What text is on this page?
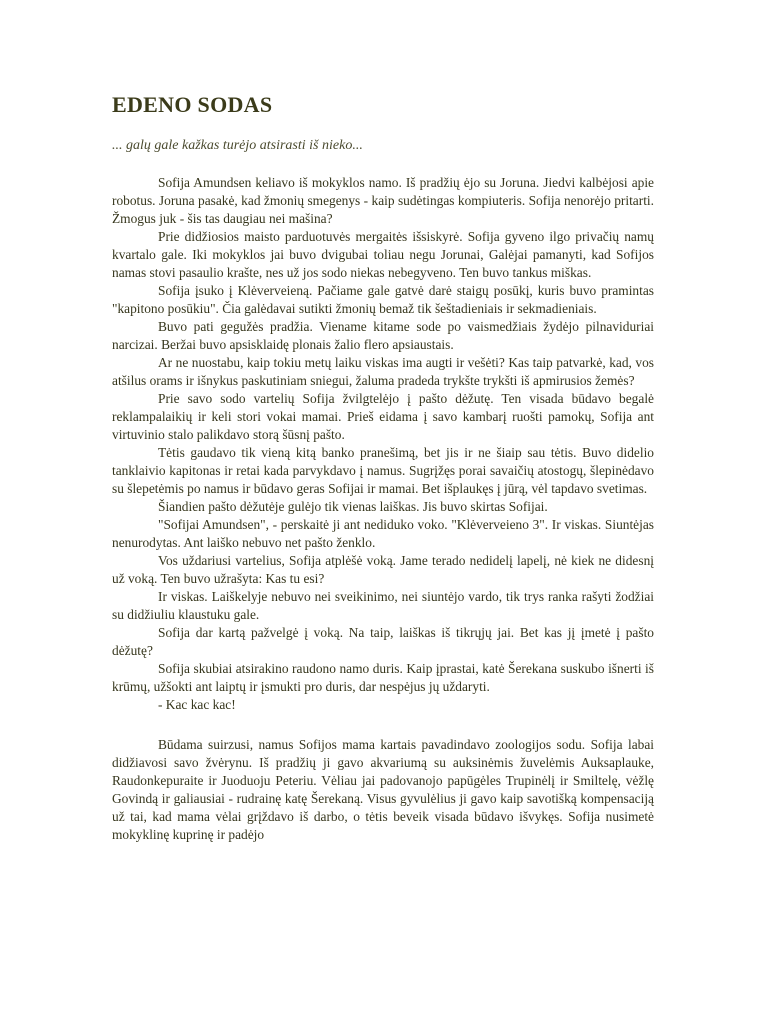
EDENO SODAS

... galų gale kažkas turėjo atsirasti iš nieko...

Sofija Amundsen keliavo iš mokyklos namo. Iš pradžių ėjo su Joruna. Jiedvi kalbėjosi apie robotus. Joruna pasakė, kad žmonių smegenys - kaip sudėtingas kompiuteris. Sofija nenorėjo pritarti. Žmogus juk - šis tas daugiau nei mašina?

Prie didžiosios maisto parduotuvės mergaitės išsiskyrė. Sofija gyveno ilgo privačių namų kvartalo gale. Iki mokyklos jai buvo dvigubai toliau negu Jorunai, Galėjai pamanyti, kad Sofijos namas stovi pasaulio krašte, nes už jos sodo niekas nebegyveno. Ten buvo tankus miškas.

Sofija įsuko į Klėverveieną. Pačiame gale gatvė darė staigų posūkį, kuris buvo pramintas "kapitono posūkiu". Čia galėdavai sutikti žmonių bemaž tik šeštadieniais ir sekmadieniais.

Buvo pati gegužės pradžia. Viename kitame sode po vaismedžiais žydėjo pilnaviduriai narcizai. Beržai buvo apsisklaidę plonais žalio flero apsiaustais.

Ar ne nuostabu, kaip tokiu metų laiku viskas ima augti ir vešėti? Kas taip patvarkė, kad, vos atšilus orams ir išnykus paskutiniam sniegui, žaluma pradeda trykšte trykšti iš apmirusios žemės?

Prie savo sodo vartelių Sofija žvilgtelėjo į pašto dėžutę. Ten visada būdavo begalė reklampalaikių ir keli stori vokai mamai. Prieš eidama į savo kambarį ruošti pamokų, Sofija ant virtuvinio stalo palikdavo storą šūsnį pašto.

Tėtis gaudavo tik vieną kitą banko pranešimą, bet jis ir ne šiaip sau tėtis. Buvo didelio tanklaivio kapitonas ir retai kada parvykdavo į namus. Sugrįžęs porai savaičių atostogų, šlepinėdavo su šlepetėmis po namus ir būdavo geras Sofijai ir mamai. Bet išplaukęs į jūrą, vėl tapdavo svetimas.

Šiandien pašto dėžutėje gulėjo tik vienas laiškas. Jis buvo skirtas Sofijai.

"Sofijai Amundsen", - perskaitė ji ant nediduko voko. "Klėverveieno 3". Ir viskas. Siuntėjas nenurodytas. Ant laiško nebuvo net pašto ženklo.

Vos uždariusi vartelius, Sofija atplėšė voką. Jame terado nedidelį lapelį, nė kiek ne didesnį už voką. Ten buvo užrašyta: Kas tu esi?

Ir viskas. Laiškelyje nebuvo nei sveikinimo, nei siuntėjo vardo, tik trys ranka rašyti žodžiai su didžiuliu klaustuku gale.

Sofija dar kartą pažvelgė į voką. Na taip, laiškas iš tikrųjų jai. Bet kas jį įmetė į pašto dėžutę?

Sofija skubiai atsirakino raudono namo duris. Kaip įprastai, katė Šerekana suskubo išnerti iš krūmų, užšokti ant laiptų ir įsmukti pro duris, dar nespėjus jų uždaryti.

- Kac kac kac!

Būdama suirzusi, namus Sofijos mama kartais pavadindavo zoologijos sodu. Sofija labai didžiavosi savo žvėrynu. Iš pradžių ji gavo akvariumą su auksinėmis žuvelėmis Auksaplauke, Raudonkepuraite ir Juoduoju Peteriu. Vėliau jai padovanojo papūgėles Trupinėlį ir Smiltelę, vėžlę Govindą ir galiausiai - rudrainę katę Šerekaną. Visus gyvulėlius ji gavo kaip savotišką kompensaciją už tai, kad mama vėlai grįždavo iš darbo, o tėtis beveik visada būdavo išvykęs. Sofija nusimetė mokyklinę kuprinę ir padėjo
